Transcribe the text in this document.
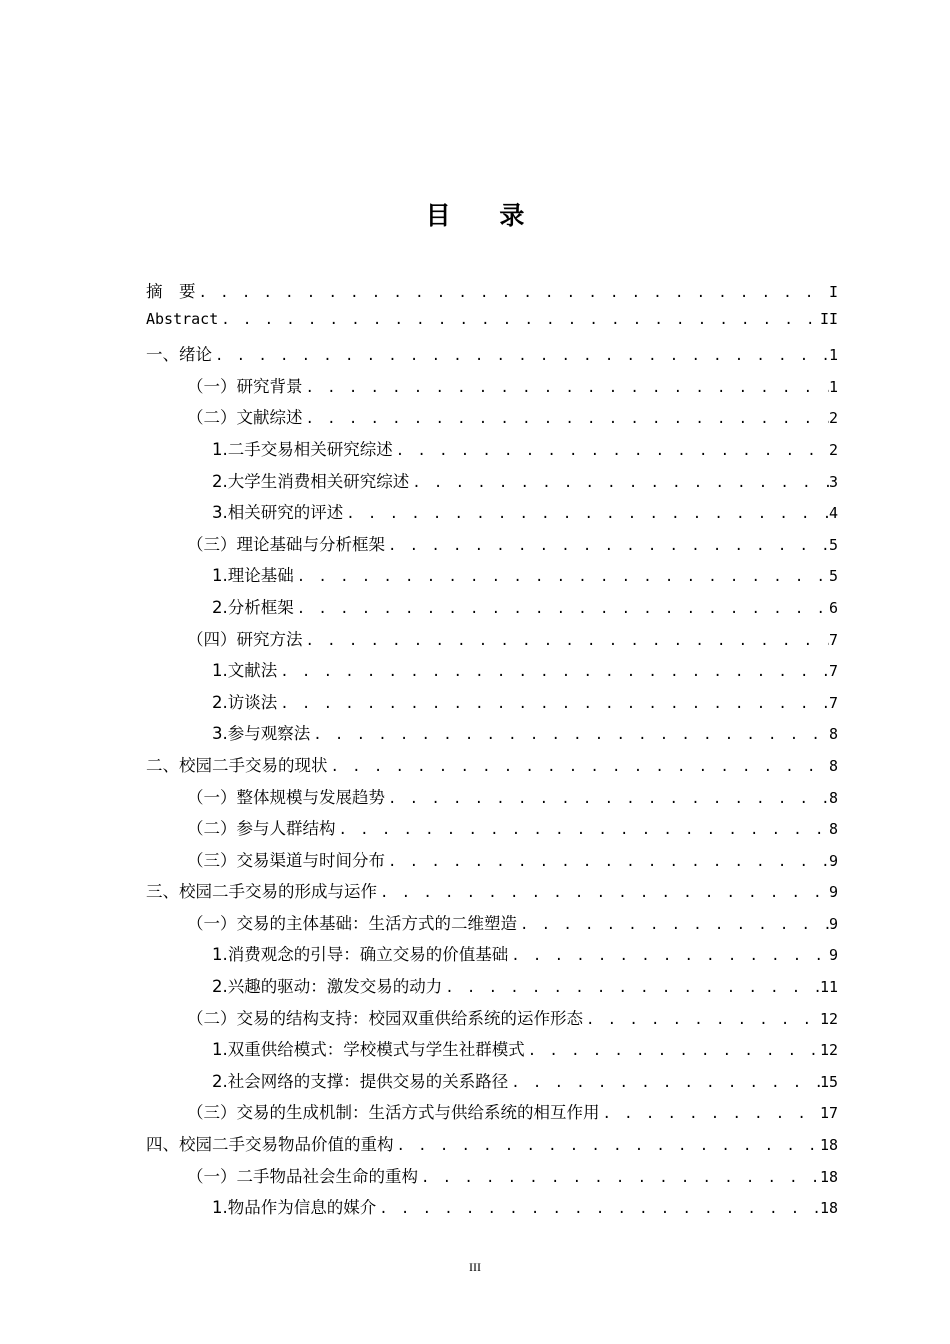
目 录
摘　要 . . .	I
Abstract . . .	II
一、绪论 . . .	1
（一）研究背景 . . .	1
（二）文献综述 . . .	2
1.二手交易相关研究综述 . . .	2
2.大学生消费相关研究综述 . . .	3
3.相关研究的评述 . . .	4
（三）理论基础与分析框架 . . .	5
1.理论基础 . . .	5
2.分析框架 . . .	6
（四）研究方法 . . .	7
1.文献法 . . .	7
2.访谈法 . . .	7
3.参与观察法 . . .	8
二、校园二手交易的现状 . . .	8
（一）整体规模与发展趋势 . . .	8
（二）参与人群结构 . . .	8
（三）交易渠道与时间分布 . . .	9
三、校园二手交易的形成与运作 . . .	9
（一）交易的主体基础：生活方式的二维塑造 . . .	9
1.消费观念的引导：确立交易的价值基础 . . .	9
2.兴趣的驱动：激发交易的动力 . . .	11
（二）交易的结构支持：校园双重供给系统的运作形态 . . .	12
1.双重供给模式：学校模式与学生社群模式 . . .	12
2.社会网络的支撑：提供交易的关系路径 . . .	15
（三）交易的生成机制：生活方式与供给系统的相互作用 . . .	17
四、校园二手交易物品价值的重构 . . .	18
（一）二手物品社会生命的重构 . . .	18
1.物品作为信息的媒介 . . .	18
III
